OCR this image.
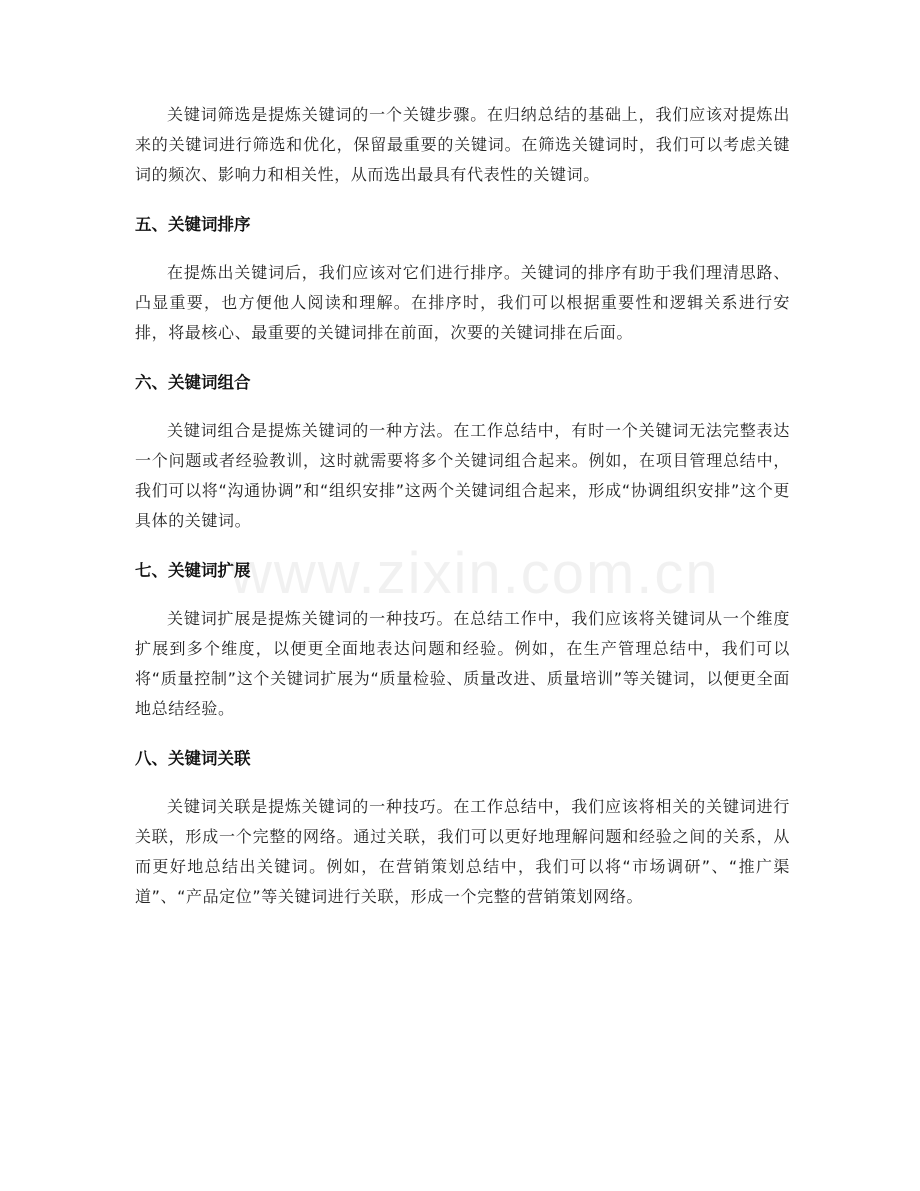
www.zixin.com.cn

关键词筛选是提炼关键词的一个关键步骤。在归纳总结的基础上，我们应该对提炼出来的关键词进行筛选和优化，保留最重要的关键词。在筛选关键词时，我们可以考虑关键词的频次、影响力和相关性，从而选出最具有代表性的关键词。

五、关键词排序

在提炼出关键词后，我们应该对它们进行排序。关键词的排序有助于我们理清思路、凸显重要，也方便他人阅读和理解。在排序时，我们可以根据重要性和逻辑关系进行安排，将最核心、最重要的关键词排在前面，次要的关键词排在后面。

六、关键词组合

关键词组合是提炼关键词的一种方法。在工作总结中，有时一个关键词无法完整表达一个问题或者经验教训，这时就需要将多个关键词组合起来。例如，在项目管理总结中，我们可以将“沟通协调”和“组织安排”这两个关键词组合起来，形成“协调组织安排”这个更具体的关键词。

七、关键词扩展

关键词扩展是提炼关键词的一种技巧。在总结工作中，我们应该将关键词从一个维度扩展到多个维度，以便更全面地表达问题和经验。例如，在生产管理总结中，我们可以将“质量控制”这个关键词扩展为“质量检验、质量改进、质量培训”等关键词，以便更全面地总结经验。

八、关键词关联

关键词关联是提炼关键词的一种技巧。在工作总结中，我们应该将相关的关键词进行关联，形成一个完整的网络。通过关联，我们可以更好地理解问题和经验之间的关系，从而更好地总结出关键词。例如，在营销策划总结中，我们可以将“市场调研”、“推广渠道”、“产品定位”等关键词进行关联，形成一个完整的营销策划网络。
